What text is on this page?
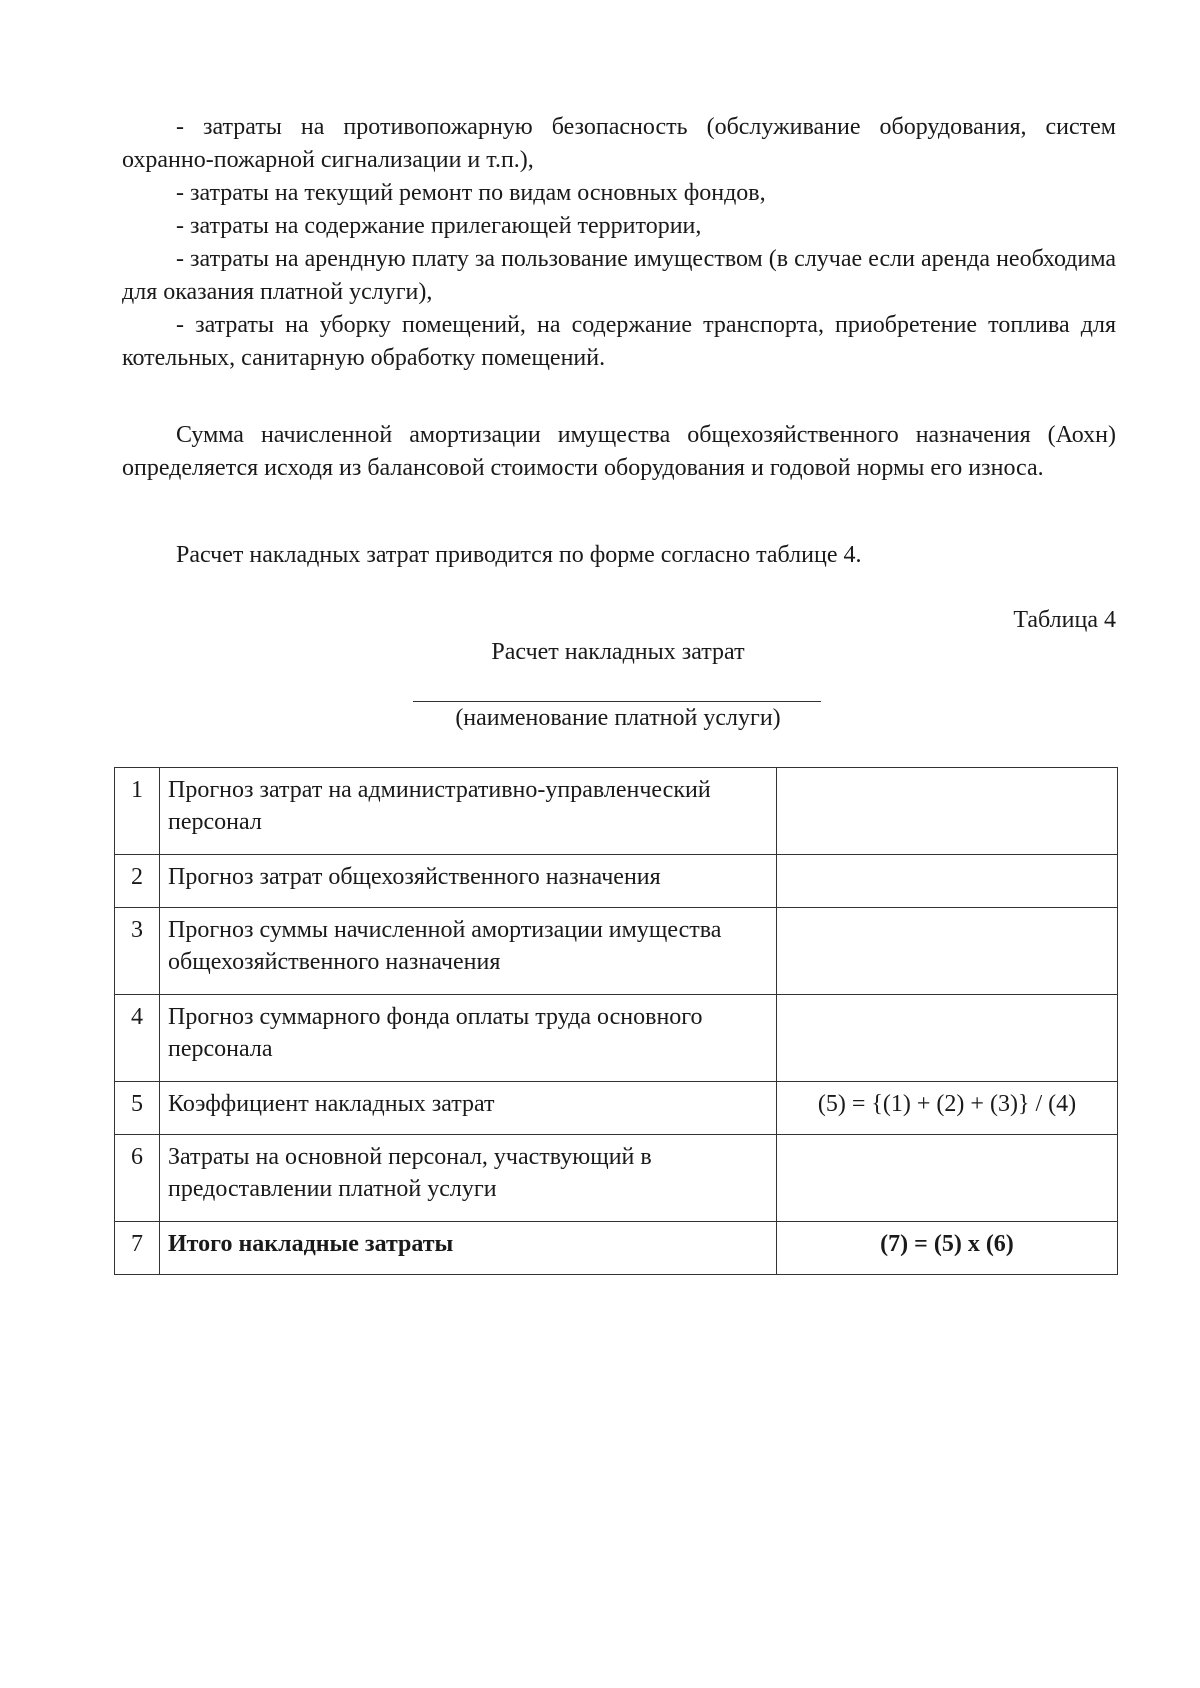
- затраты на противопожарную безопасность (обслуживание оборудования, систем охранно-пожарной сигнализации и т.п.),

- затраты на текущий ремонт по видам основных фондов,

- затраты на содержание прилегающей территории,

- затраты на арендную плату за пользование имуществом (в случае если аренда необходима для оказания платной услуги),

- затраты на уборку помещений, на содержание транспорта, приобретение топлива для котельных, санитарную обработку помещений.

Сумма начисленной амортизации имущества общехозяйственного назначения (Аохн) определяется исходя из балансовой стоимости оборудования и годовой нормы его износа.

Расчет накладных затрат приводится по форме согласно таблице 4.
Таблица 4
Расчет накладных затрат
(наименование платной услуги)
1	Прогноз затрат на административно-управленческий персонал	
2	Прогноз затрат общехозяйственного назначения	
3	Прогноз суммы начисленной амортизации имущества общехозяйственного назначения	
4	Прогноз суммарного фонда оплаты труда основного персонала	
5	Коэффициент накладных затрат	(5) = {(1) + (2) + (3)} / (4)
6	Затраты на основной персонал, участвующий в предоставлении платной услуги	
7	Итого накладные затраты	(7) = (5) x (6)
